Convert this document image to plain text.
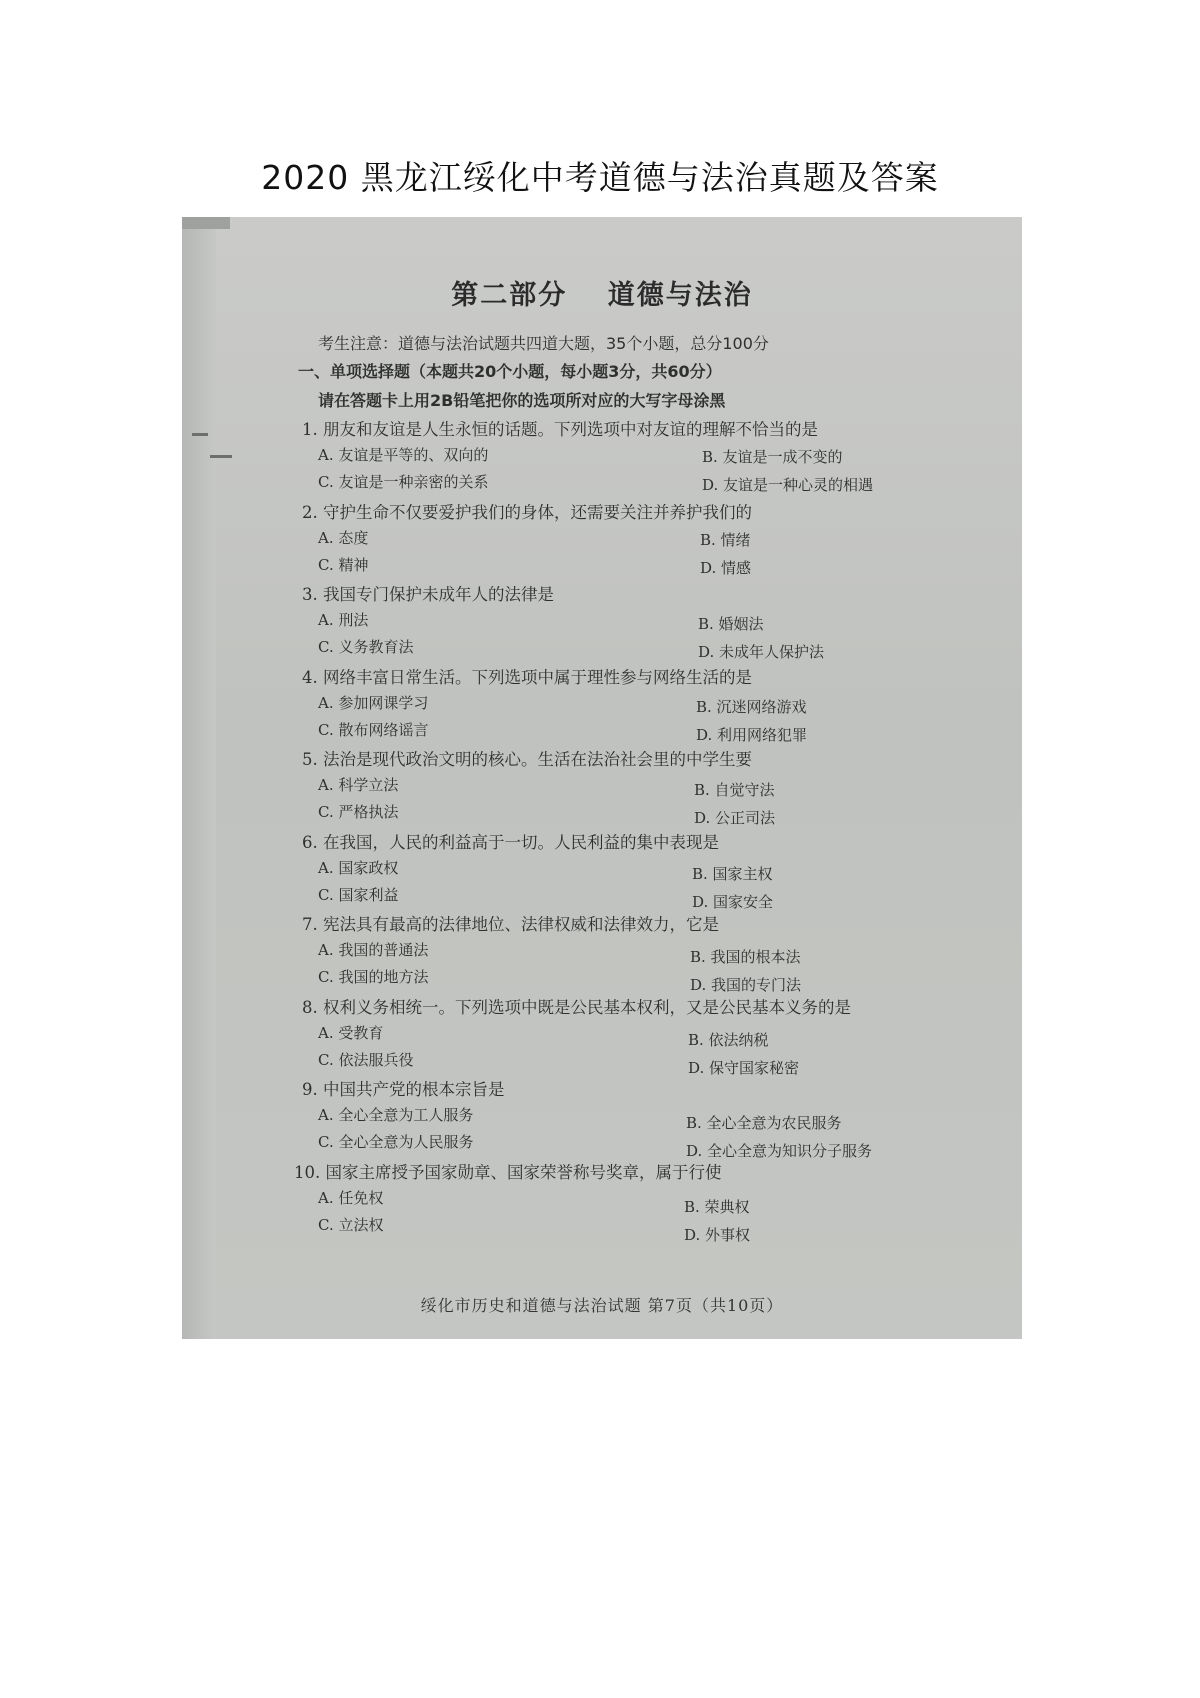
2020 黑龙江绥化中考道德与法治真题及答案
第二部分　 道德与法治
考生注意：道德与法治试题共四道大题，35个小题，总分100分
一、单项选择题（本题共20个小题，每小题3分，共60分）
请在答题卡上用2B铅笔把你的选项所对应的大写字母涂黑
1. 朋友和友谊是人生永恒的话题。下列选项中对友谊的理解不恰当的是
A. 友谊是平等的、双向的
C. 友谊是一种亲密的关系
B. 友谊是一成不变的
D. 友谊是一种心灵的相遇
2. 守护生命不仅要爱护我们的身体，还需要关注并养护我们的
A. 态度
C. 精神
B. 情绪
D. 情感
3. 我国专门保护未成年人的法律是
A. 刑法
C. 义务教育法
B. 婚姻法
D. 未成年人保护法
4. 网络丰富日常生活。下列选项中属于理性参与网络生活的是
A. 参加网课学习
C. 散布网络谣言
B. 沉迷网络游戏
D. 利用网络犯罪
5. 法治是现代政治文明的核心。生活在法治社会里的中学生要
A. 科学立法
C. 严格执法
B. 自觉守法
D. 公正司法
6. 在我国，人民的利益高于一切。人民利益的集中表现是
A. 国家政权
C. 国家利益
B. 国家主权
D. 国家安全
7. 宪法具有最高的法律地位、法律权威和法律效力，它是
A. 我国的普通法
C. 我国的地方法
B. 我国的根本法
D. 我国的专门法
8. 权利义务相统一。下列选项中既是公民基本权利，又是公民基本义务的是
A. 受教育
C. 依法服兵役
B. 依法纳税
D. 保守国家秘密
9. 中国共产党的根本宗旨是
A. 全心全意为工人服务
C. 全心全意为人民服务
B. 全心全意为农民服务
D. 全心全意为知识分子服务
10. 国家主席授予国家勋章、国家荣誉称号奖章，属于行使
A. 任免权
C. 立法权
B. 荣典权
D. 外事权
绥化市历史和道德与法治试题 第7页（共10页）
